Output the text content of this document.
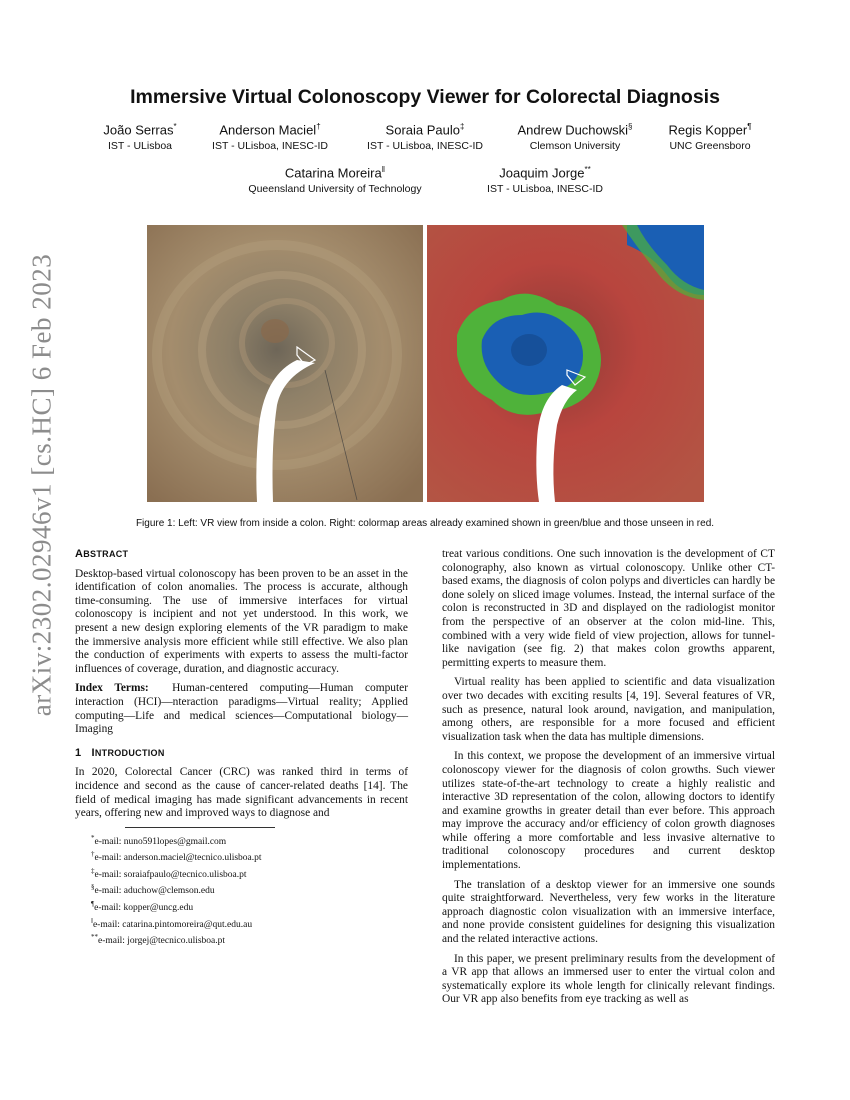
arXiv:2302.02946v1 [cs.HC] 6 Feb 2023
Immersive Virtual Colonoscopy Viewer for Colorectal Diagnosis
João Serras*
IST - ULisboa
Anderson Maciel†
IST - ULisboa, INESC-ID
Soraia Paulo‡
IST - ULisboa, INESC-ID
Andrew Duchowski§
Clemson University
Regis Kopper¶
UNC Greensboro
Catarina Moreira‖
Queensland University of Technology
Joaquim Jorge**
IST - ULisboa, INESC-ID
Figure 1: Left: VR view from inside a colon. Right: colormap areas already examined shown in green/blue and those unseen in red.
ABSTRACT

Desktop-based virtual colonoscopy has been proven to be an asset in the identification of colon anomalies. The process is accurate, although time-consuming. The use of immersive interfaces for virtual colonoscopy is incipient and not yet understood. In this work, we present a new design exploring elements of the VR paradigm to make the immersive analysis more efficient while still effective. We also plan the conduction of experiments with experts to assess the multi-factor influences of coverage, duration, and diagnostic accuracy.

Index Terms: Human-centered computing—Human computer interaction (HCI)—nteraction paradigms—Virtual reality; Applied computing—Life and medical sciences—Computational biology—Imaging

1 INTRODUCTION

In 2020, Colorectal Cancer (CRC) was ranked third in terms of incidence and second as the cause of cancer-related deaths [14]. The field of medical imaging has made significant advancements in recent years, offering new and improved ways to diagnose and

*e-mail: nuno591lopes@gmail.com
†e-mail: anderson.maciel@tecnico.ulisboa.pt
‡e-mail: soraiafpaulo@tecnico.ulisboa.pt
§e-mail: aduchow@clemson.edu
¶e-mail: kopper@uncg.edu
‖e-mail: catarina.pintomoreira@qut.edu.au
**e-mail: jorgej@tecnico.ulisboa.pt

treat various conditions. One such innovation is the development of CT colonography, also known as virtual colonoscopy. Unlike other CT-based exams, the diagnosis of colon polyps and diverticles can hardly be done solely on sliced image volumes. Instead, the internal surface of the colon is reconstructed in 3D and displayed on the radiologist monitor from the perspective of an observer at the colon mid-line. This, combined with a very wide field of view projection, allows for tunnel-like navigation (see fig. 2) that makes colon growths apparent, permitting experts to measure them.

Virtual reality has been applied to scientific and data visualization over two decades with exciting results [4, 19]. Several features of VR, such as presence, natural look around, navigation, and manipulation, among others, are responsible for a more focused and efficient visualization task when the data has multiple dimensions.

In this context, we propose the development of an immersive virtual colonoscopy viewer for the diagnosis of colon growths. Such viewer utilizes state-of-the-art technology to create a highly realistic and interactive 3D representation of the colon, allowing doctors to identify and examine growths in greater detail than ever before. This approach may improve the accuracy and/or efficiency of colon growth diagnoses while offering a more comfortable and less invasive alternative to traditional colonoscopy procedures and current desktop implementations.

The translation of a desktop viewer for an immersive one sounds quite straightforward. Nevertheless, very few works in the literature approach diagnostic colon visualization with an immersive interface, and none provide consistent guidelines for designing this visualization and the related interactive actions.

In this paper, we present preliminary results from the development of a VR app that allows an immersed user to enter the virtual colon and systematically explore its whole length for clinically relevant findings. Our VR app also benefits from eye tracking as well as
